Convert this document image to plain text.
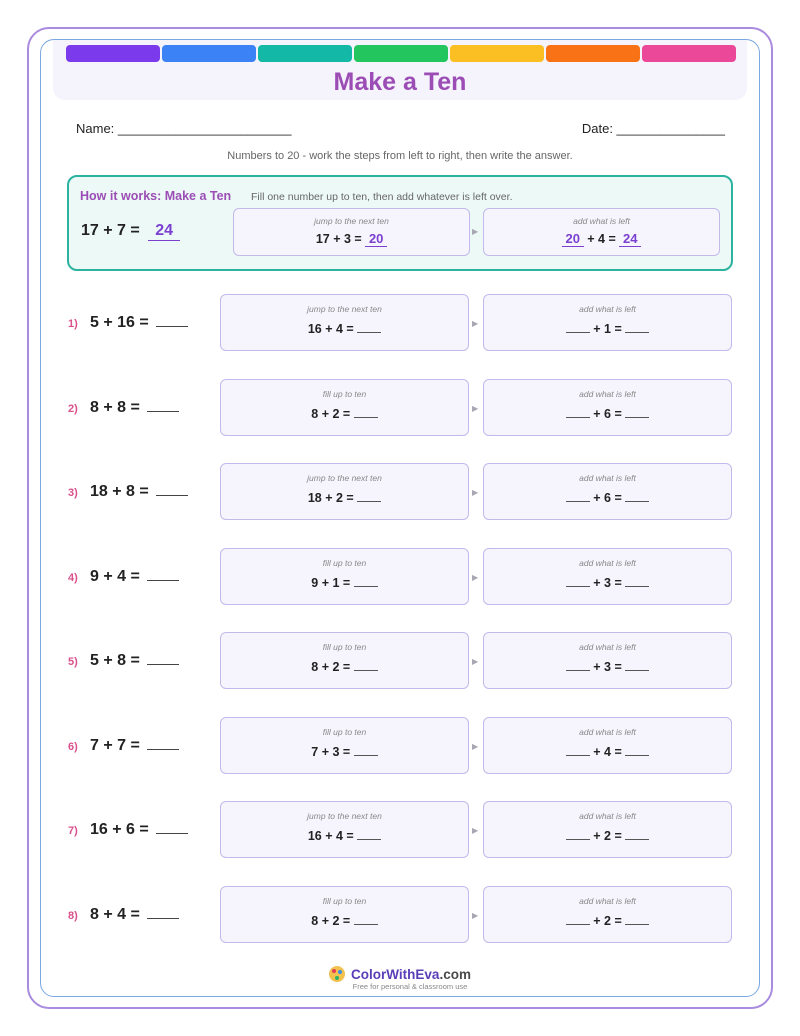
Make a Ten
Name: ________________________	Date: _______________
Numbers to 20 - work the steps from left to right, then write the answer.
How it works: Make a Ten Fill one number up to ten, then add whatever is left over.
17 + 7 = 24
jump to the next ten
17 + 3 = 20	▶
add what is left
20 + 4 = 24
1) 5 + 16 =
jump to the next ten
16 + 4 =	▶
add what is left
+ 1 =
2) 8 + 8 =
fill up to ten
8 + 2 =	▶
add what is left
+ 6 =
3) 18 + 8 =
jump to the next ten
18 + 2 =	▶
add what is left
+ 6 =
4) 9 + 4 =
fill up to ten
9 + 1 =	▶
add what is left
+ 3 =
5) 5 + 8 =
fill up to ten
8 + 2 =	▶
add what is left
+ 3 =
6) 7 + 7 =
fill up to ten
7 + 3 =	▶
add what is left
+ 4 =
7) 16 + 6 =
jump to the next ten
16 + 4 =	▶
add what is left
+ 2 =
8) 8 + 4 =
fill up to ten
8 + 2 =	▶
add what is left
+ 2 =
ColorWithEva.com
Free for personal & classroom use
